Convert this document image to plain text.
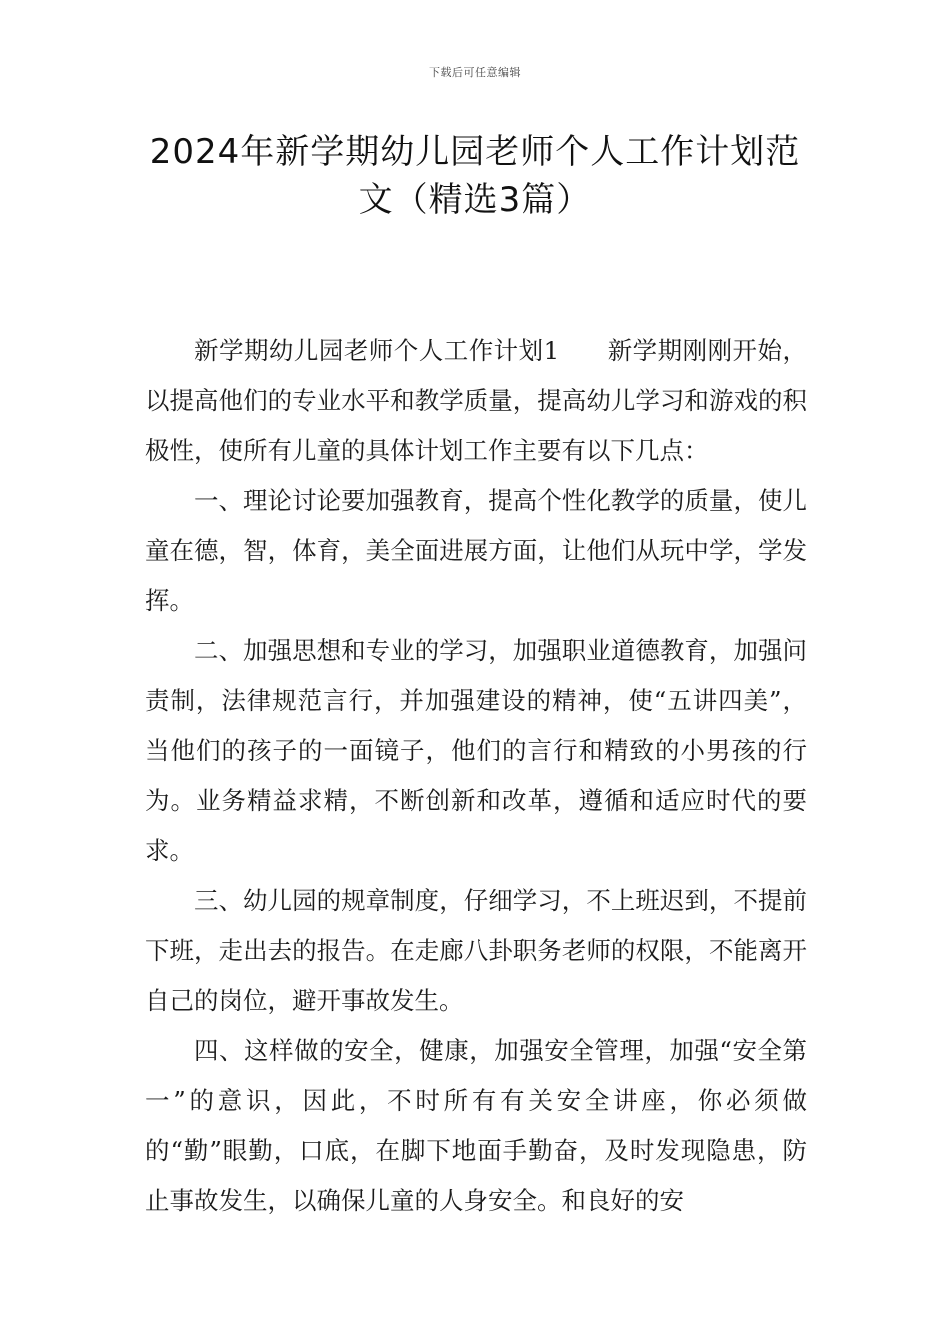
下载后可任意编辑
2024年新学期幼儿园老师个人工作计划范文（精选3篇）

新学期幼儿园老师个人工作计划1 新学期刚刚开始，以提高他们的专业水平和教学质量，提高幼儿学习和游戏的积极性，使所有儿童的具体计划工作主要有以下几点：

一、理论讨论要加强教育，提高个性化教学的质量，使儿童在德，智，体育，美全面进展方面，让他们从玩中学，学发挥。

二、加强思想和专业的学习，加强职业道德教育，加强问责制，法律规范言行，并加强建设的精神，使“五讲四美”，当他们的孩子的一面镜子，他们的言行和精致的小男孩的行为。业务精益求精，不断创新和改革，遵循和适应时代的要求。

三、幼儿园的规章制度，仔细学习，不上班迟到，不提前下班，走出去的报告。在走廊八卦职务老师的权限，不能离开自己的岗位，避开事故发生。

四、这样做的安全，健康，加强安全管理，加强“安全第一”的意识，因此，不时所有有关安全讲座，你必须做的“勤”眼勤，口底，在脚下地面手勤奋，及时发现隐患，防止事故发生，以确保儿童的人身安全。和良好的安
